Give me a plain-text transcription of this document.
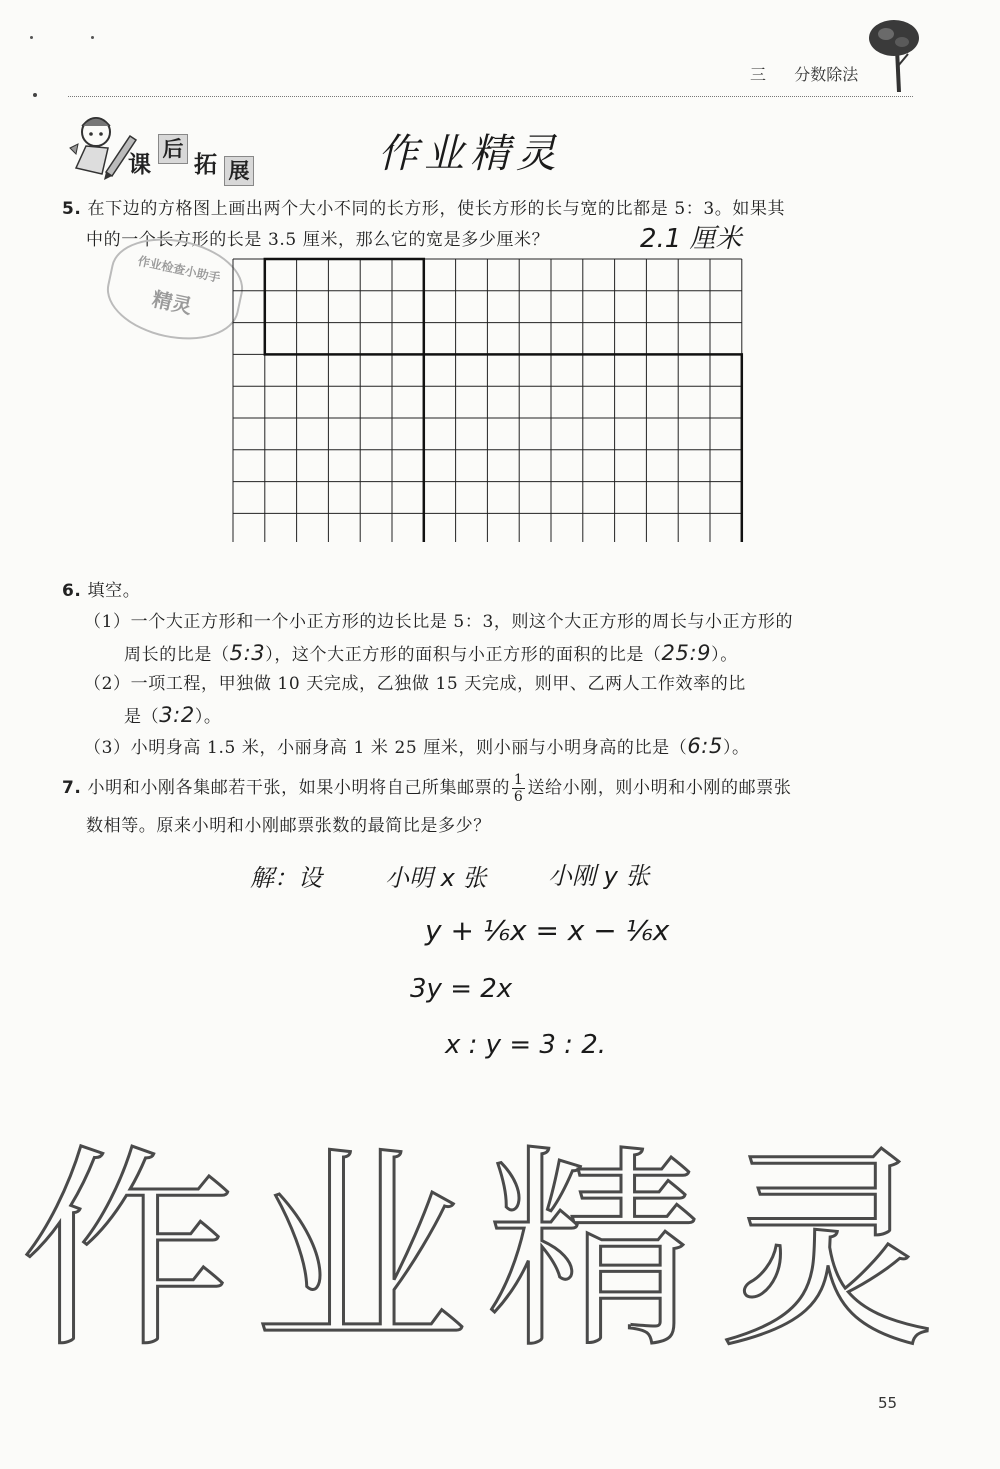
三 分数除法
课
后
拓 展	作业精灵
5. 在下边的方格图上画出两个大小不同的长方形，使长方形的长与宽的比都是 5：3。如果其
中的一个长方形的长是 3.5 厘米，那么它的宽是多少厘米？	2.1 厘米
作业检查小助手
精灵
6. 填空。
（1）一个大正方形和一个小正方形的边长比是 5：3，则这个大正方形的周长与小正方形的
周长的比是（5:3），这个大正方形的面积与小正方形的面积的比是（25:9）。
（2）一项工程，甲独做 10 天完成，乙独做 15 天完成，则甲、乙两人工作效率的比
是（3:2）。
（3）小明身高 1.5 米，小丽身高 1 米 25 厘米，则小丽与小明身高的比是（6:5）。
7. 小明和小刚各集邮若干张，如果小明将自己所集邮票的 $\frac{1}{6}$ 送给小刚，则小明和小刚的邮票张
数相等。原来小明和小刚邮票张数的最简比是多少？
解：设	小明 x 张	小刚 y 张
y + ⅙x = x − ⅙x
3y = 2x
x : y = 3 : 2.
作业精灵
55
